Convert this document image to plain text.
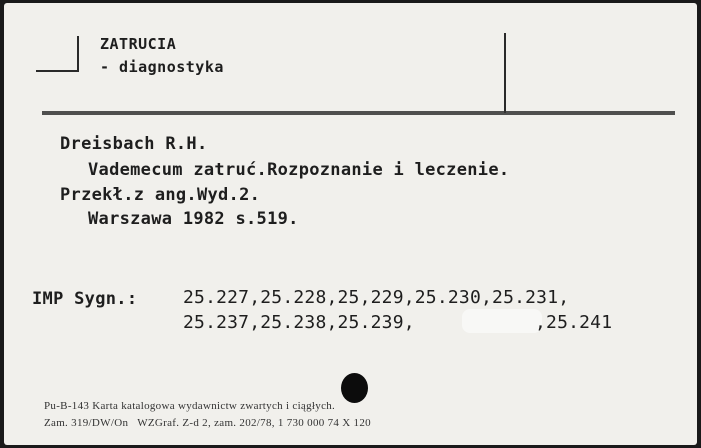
ZATRUCIA
- diagnostyka
Dreisbach R.H.
Vademecum zatruć.Rozpoznanie i leczenie.
Przekł.z ang.Wyd.2.
Warszawa 1982 s.519.
IMP Sygn.:	25.227,25.228,25,229,25.230,25.231,
25.237,25.238,25.239,	,25.241
Pu-B-143 Karta katalogowa wydawnictw zwartych i ciągłych.
Zam. 319/DW/On   WZGraf. Z-d 2, zam. 202/78, 1 730 000 74 X 120
